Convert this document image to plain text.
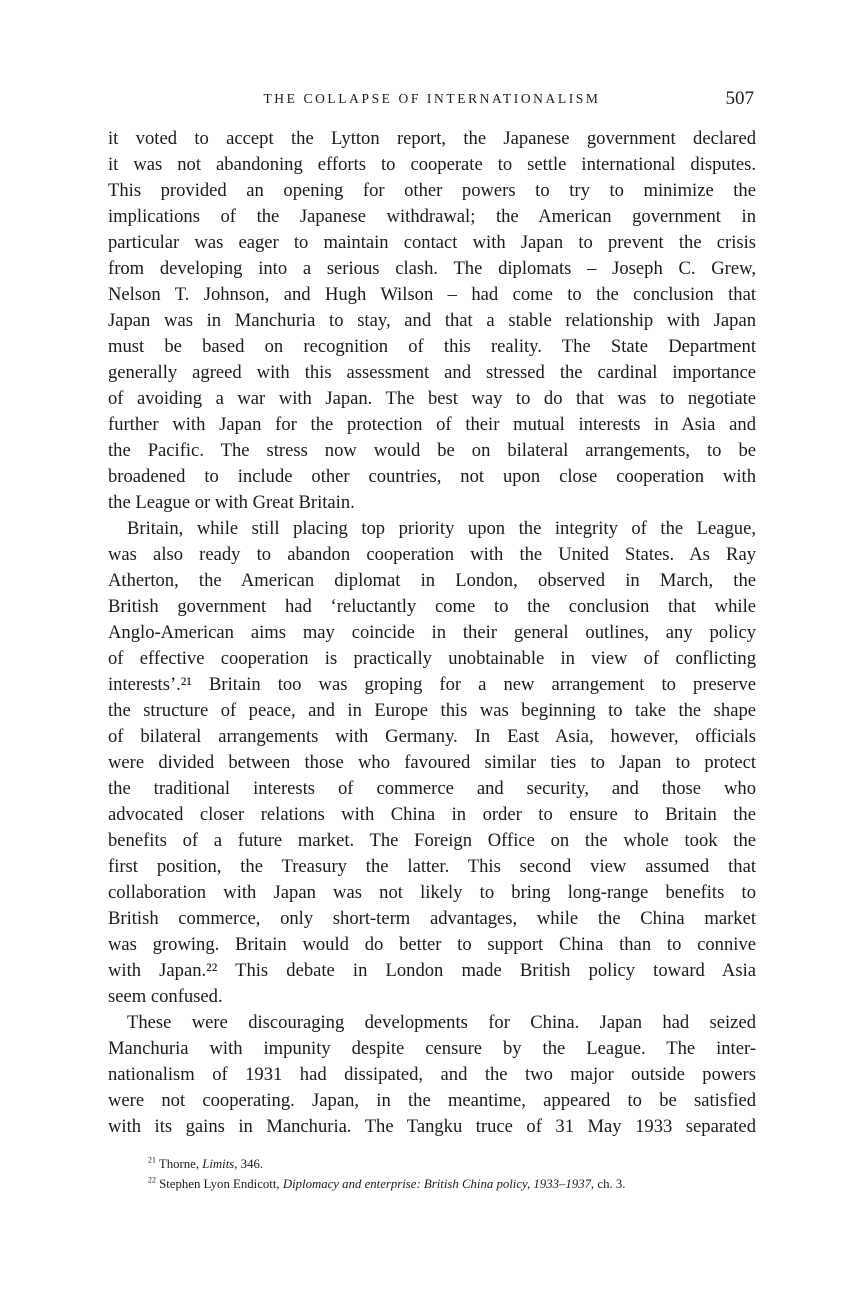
THE COLLAPSE OF INTERNATIONALISM	507
it voted to accept the Lytton report, the Japanese government declared
it was not abandoning efforts to cooperate to settle international disputes.
This provided an opening for other powers to try to minimize the
implications of the Japanese withdrawal; the American government in
particular was eager to maintain contact with Japan to prevent the crisis
from developing into a serious clash. The diplomats – Joseph C. Grew,
Nelson T. Johnson, and Hugh Wilson – had come to the conclusion that
Japan was in Manchuria to stay, and that a stable relationship with Japan
must be based on recognition of this reality. The State Department
generally agreed with this assessment and stressed the cardinal importance
of avoiding a war with Japan. The best way to do that was to negotiate
further with Japan for the protection of their mutual interests in Asia and
the Pacific. The stress now would be on bilateral arrangements, to be
broadened to include other countries, not upon close cooperation with
the League or with Great Britain.
Britain, while still placing top priority upon the integrity of the League,
was also ready to abandon cooperation with the United States. As Ray
Atherton, the American diplomat in London, observed in March, the
British government had ‘reluctantly come to the conclusion that while
Anglo-American aims may coincide in their general outlines, any policy
of effective cooperation is practically unobtainable in view of conflicting
interests’.²¹ Britain too was groping for a new arrangement to preserve
the structure of peace, and in Europe this was beginning to take the shape
of bilateral arrangements with Germany. In East Asia, however, officials
were divided between those who favoured similar ties to Japan to protect
the traditional interests of commerce and security, and those who
advocated closer relations with China in order to ensure to Britain the
benefits of a future market. The Foreign Office on the whole took the
first position, the Treasury the latter. This second view assumed that
collaboration with Japan was not likely to bring long-range benefits to
British commerce, only short-term advantages, while the China market
was growing. Britain would do better to support China than to connive
with Japan.²² This debate in London made British policy toward Asia
seem confused.
These were discouraging developments for China. Japan had seized
Manchuria with impunity despite censure by the League. The inter-
nationalism of 1931 had dissipated, and the two major outside powers
were not cooperating. Japan, in the meantime, appeared to be satisfied
with its gains in Manchuria. The Tangku truce of 31 May 1933 separated
$^{21}$ Thorne, Limits, 346.
$^{22}$ Stephen Lyon Endicott, Diplomacy and enterprise: British China policy, 1933–1937, ch. 3.
